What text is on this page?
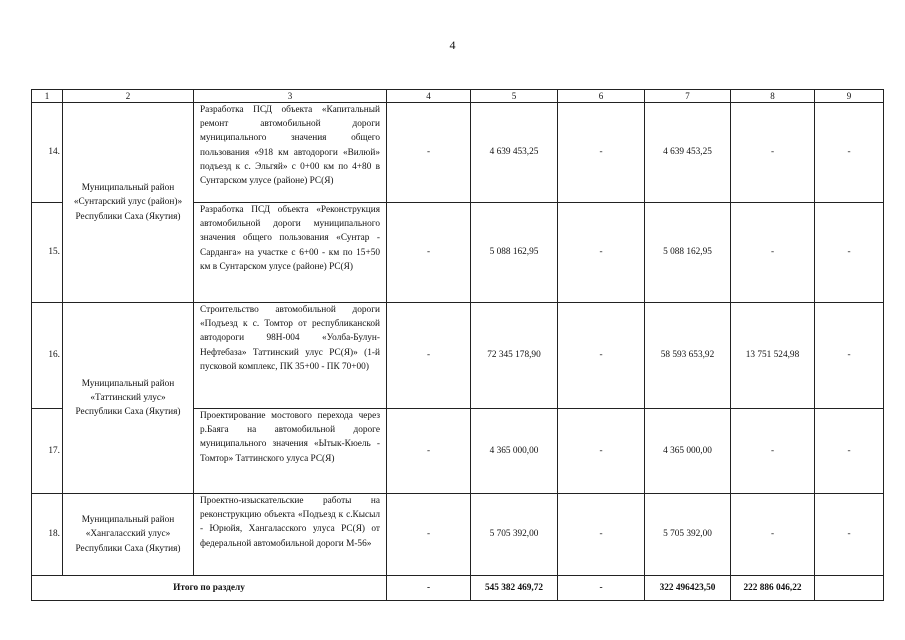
4
1	2	3	4	5	6	7	8	9
14.	Муниципальный район «Сунтарский улус (район)» Республики Саха (Якутия)	Разработка ПСД объекта «Капитальный ремонт автомобильной дороги муниципального значения общего пользования «918 км автодороги «Вилюй» подъезд к с. Эльгяй» с 0+00 км по 4+80 в Сунтарском улусе (районе) РС(Я)	-	4 639 453,25	-	4 639 453,25	-	-
15.		Разработка ПСД объекта «Реконструкция автомобильной дороги муниципального значения общего пользования «Сунтар - Сарданга» на участке с 6+00 - км по 15+50 км в Сунтарском улусе (районе) РС(Я)	-	5 088 162,95	-	5 088 162,95	-	-
16.	Муниципальный район «Таттинский улус» Республики Саха (Якутия)	Строительство автомобильной дороги «Подъезд к с. Томтор от республиканской автодороги 98Н-004 «Уолба-Булун-Нефтебаза» Таттинский улус РС(Я)» (1-й пусковой комплекс, ПК 35+00 - ПК 70+00)	-	72 345 178,90	-	58 593 653,92	13 751 524,98	-
17.		Проектирование мостового перехода через р.Баяга на автомобильной дороге муниципального значения «Ытык-Кюель - Томтор» Таттинского улуса РС(Я)	-	4 365 000,00	-	4 365 000,00	-	-
18.	Муниципальный район «Хангаласский улус» Республики Саха (Якутия)	Проектно-изыскательские работы на реконструкцию объекта «Подъезд к с.Кысыл - Юрюйя, Хангаласского улуса РС(Я) от федеральной автомобильной дороги М-56»	-	5 705 392,00	-	5 705 392,00	-	-
Итого по разделу			-	545 382 469,72	-	322 496423,50	222 886 046,22	
